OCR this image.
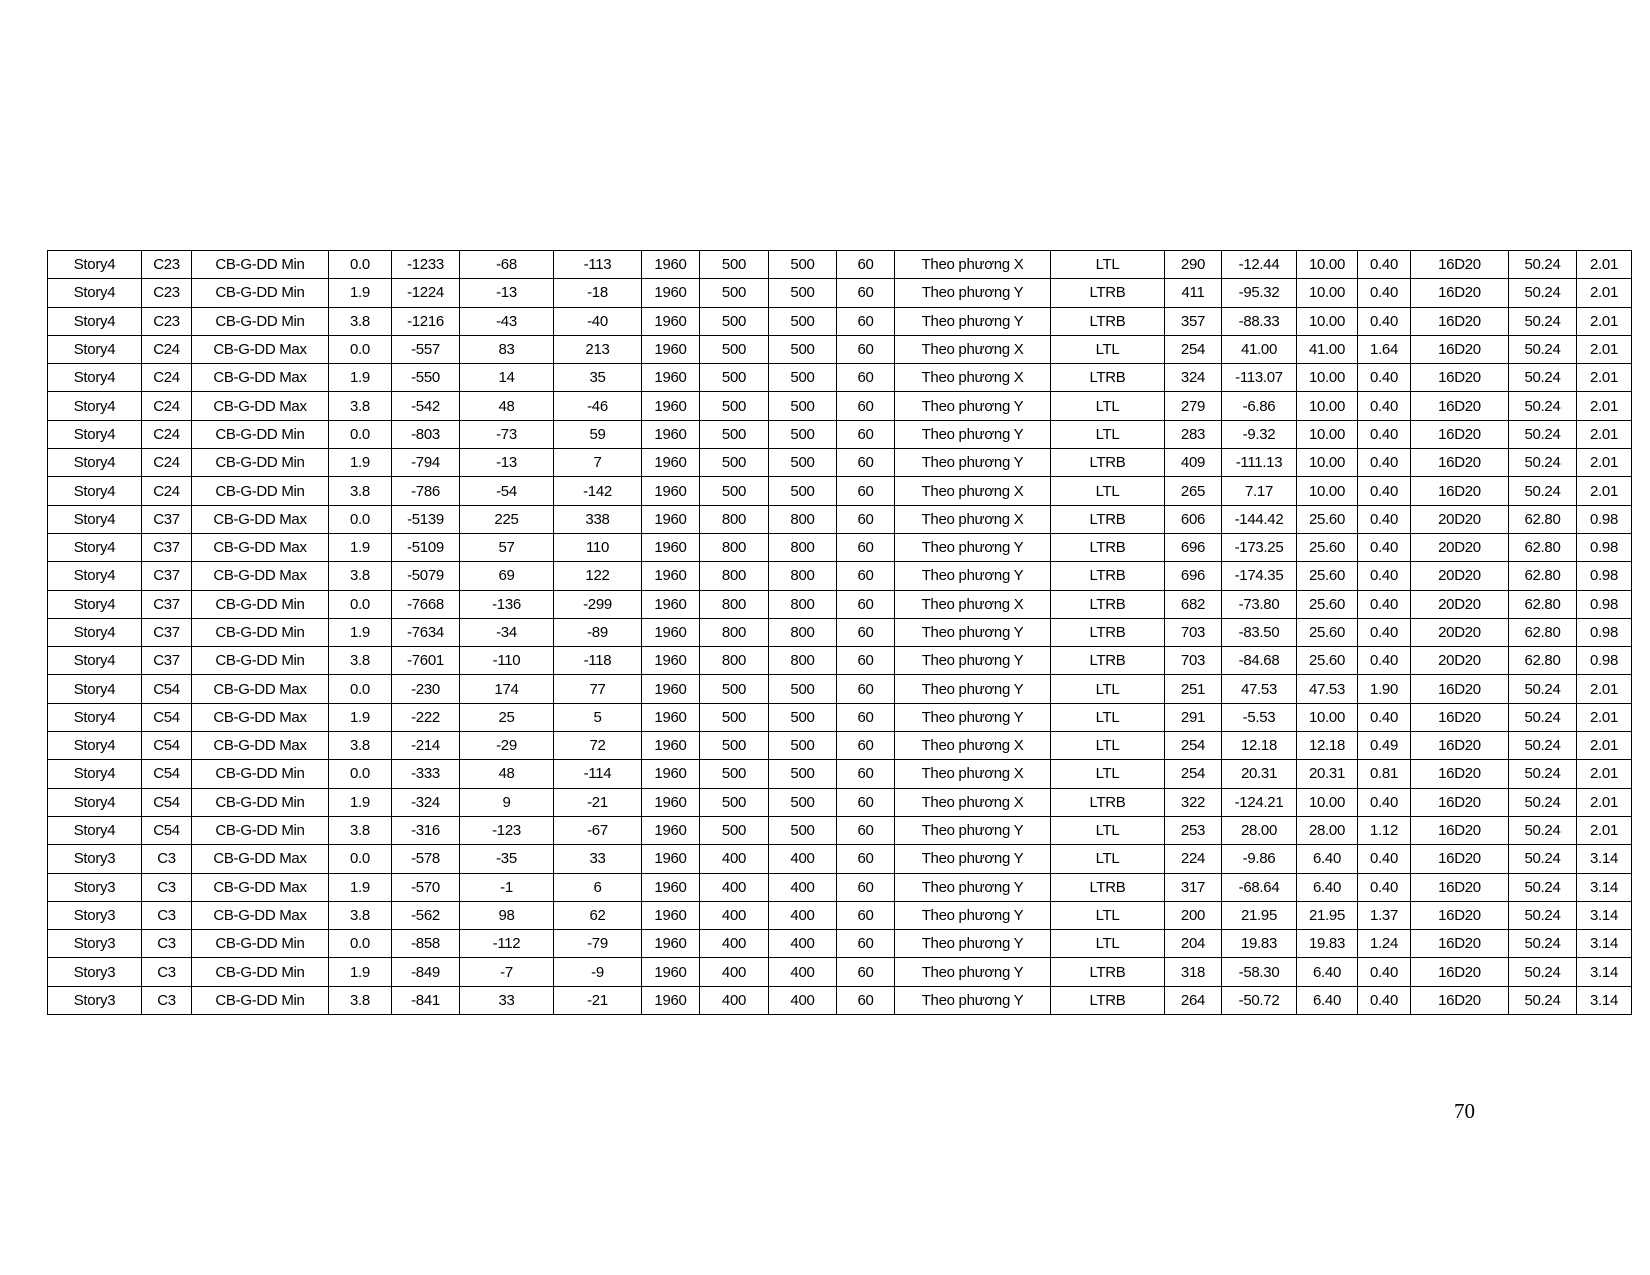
Story4	C23	CB-G-DD Min	0.0	-1233	-68	-113	1960	500	500	60	Theo phương X	LTL	290	-12.44	10.00	0.40	16D20	50.24	2.01
Story4	C23	CB-G-DD Min	1.9	-1224	-13	-18	1960	500	500	60	Theo phương Y	LTRB	411	-95.32	10.00	0.40	16D20	50.24	2.01
Story4	C23	CB-G-DD Min	3.8	-1216	-43	-40	1960	500	500	60	Theo phương Y	LTRB	357	-88.33	10.00	0.40	16D20	50.24	2.01
Story4	C24	CB-G-DD Max	0.0	-557	83	213	1960	500	500	60	Theo phương X	LTL	254	41.00	41.00	1.64	16D20	50.24	2.01
Story4	C24	CB-G-DD Max	1.9	-550	14	35	1960	500	500	60	Theo phương X	LTRB	324	-113.07	10.00	0.40	16D20	50.24	2.01
Story4	C24	CB-G-DD Max	3.8	-542	48	-46	1960	500	500	60	Theo phương Y	LTL	279	-6.86	10.00	0.40	16D20	50.24	2.01
Story4	C24	CB-G-DD Min	0.0	-803	-73	59	1960	500	500	60	Theo phương Y	LTL	283	-9.32	10.00	0.40	16D20	50.24	2.01
Story4	C24	CB-G-DD Min	1.9	-794	-13	7	1960	500	500	60	Theo phương Y	LTRB	409	-111.13	10.00	0.40	16D20	50.24	2.01
Story4	C24	CB-G-DD Min	3.8	-786	-54	-142	1960	500	500	60	Theo phương X	LTL	265	7.17	10.00	0.40	16D20	50.24	2.01
Story4	C37	CB-G-DD Max	0.0	-5139	225	338	1960	800	800	60	Theo phương X	LTRB	606	-144.42	25.60	0.40	20D20	62.80	0.98
Story4	C37	CB-G-DD Max	1.9	-5109	57	110	1960	800	800	60	Theo phương Y	LTRB	696	-173.25	25.60	0.40	20D20	62.80	0.98
Story4	C37	CB-G-DD Max	3.8	-5079	69	122	1960	800	800	60	Theo phương Y	LTRB	696	-174.35	25.60	0.40	20D20	62.80	0.98
Story4	C37	CB-G-DD Min	0.0	-7668	-136	-299	1960	800	800	60	Theo phương X	LTRB	682	-73.80	25.60	0.40	20D20	62.80	0.98
Story4	C37	CB-G-DD Min	1.9	-7634	-34	-89	1960	800	800	60	Theo phương Y	LTRB	703	-83.50	25.60	0.40	20D20	62.80	0.98
Story4	C37	CB-G-DD Min	3.8	-7601	-110	-118	1960	800	800	60	Theo phương Y	LTRB	703	-84.68	25.60	0.40	20D20	62.80	0.98
Story4	C54	CB-G-DD Max	0.0	-230	174	77	1960	500	500	60	Theo phương Y	LTL	251	47.53	47.53	1.90	16D20	50.24	2.01
Story4	C54	CB-G-DD Max	1.9	-222	25	5	1960	500	500	60	Theo phương Y	LTL	291	-5.53	10.00	0.40	16D20	50.24	2.01
Story4	C54	CB-G-DD Max	3.8	-214	-29	72	1960	500	500	60	Theo phương X	LTL	254	12.18	12.18	0.49	16D20	50.24	2.01
Story4	C54	CB-G-DD Min	0.0	-333	48	-114	1960	500	500	60	Theo phương X	LTL	254	20.31	20.31	0.81	16D20	50.24	2.01
Story4	C54	CB-G-DD Min	1.9	-324	9	-21	1960	500	500	60	Theo phương X	LTRB	322	-124.21	10.00	0.40	16D20	50.24	2.01
Story4	C54	CB-G-DD Min	3.8	-316	-123	-67	1960	500	500	60	Theo phương Y	LTL	253	28.00	28.00	1.12	16D20	50.24	2.01
Story3	C3	CB-G-DD Max	0.0	-578	-35	33	1960	400	400	60	Theo phương Y	LTL	224	-9.86	6.40	0.40	16D20	50.24	3.14
Story3	C3	CB-G-DD Max	1.9	-570	-1	6	1960	400	400	60	Theo phương Y	LTRB	317	-68.64	6.40	0.40	16D20	50.24	3.14
Story3	C3	CB-G-DD Max	3.8	-562	98	62	1960	400	400	60	Theo phương Y	LTL	200	21.95	21.95	1.37	16D20	50.24	3.14
Story3	C3	CB-G-DD Min	0.0	-858	-112	-79	1960	400	400	60	Theo phương Y	LTL	204	19.83	19.83	1.24	16D20	50.24	3.14
Story3	C3	CB-G-DD Min	1.9	-849	-7	-9	1960	400	400	60	Theo phương Y	LTRB	318	-58.30	6.40	0.40	16D20	50.24	3.14
Story3	C3	CB-G-DD Min	3.8	-841	33	-21	1960	400	400	60	Theo phương Y	LTRB	264	-50.72	6.40	0.40	16D20	50.24	3.14
70
